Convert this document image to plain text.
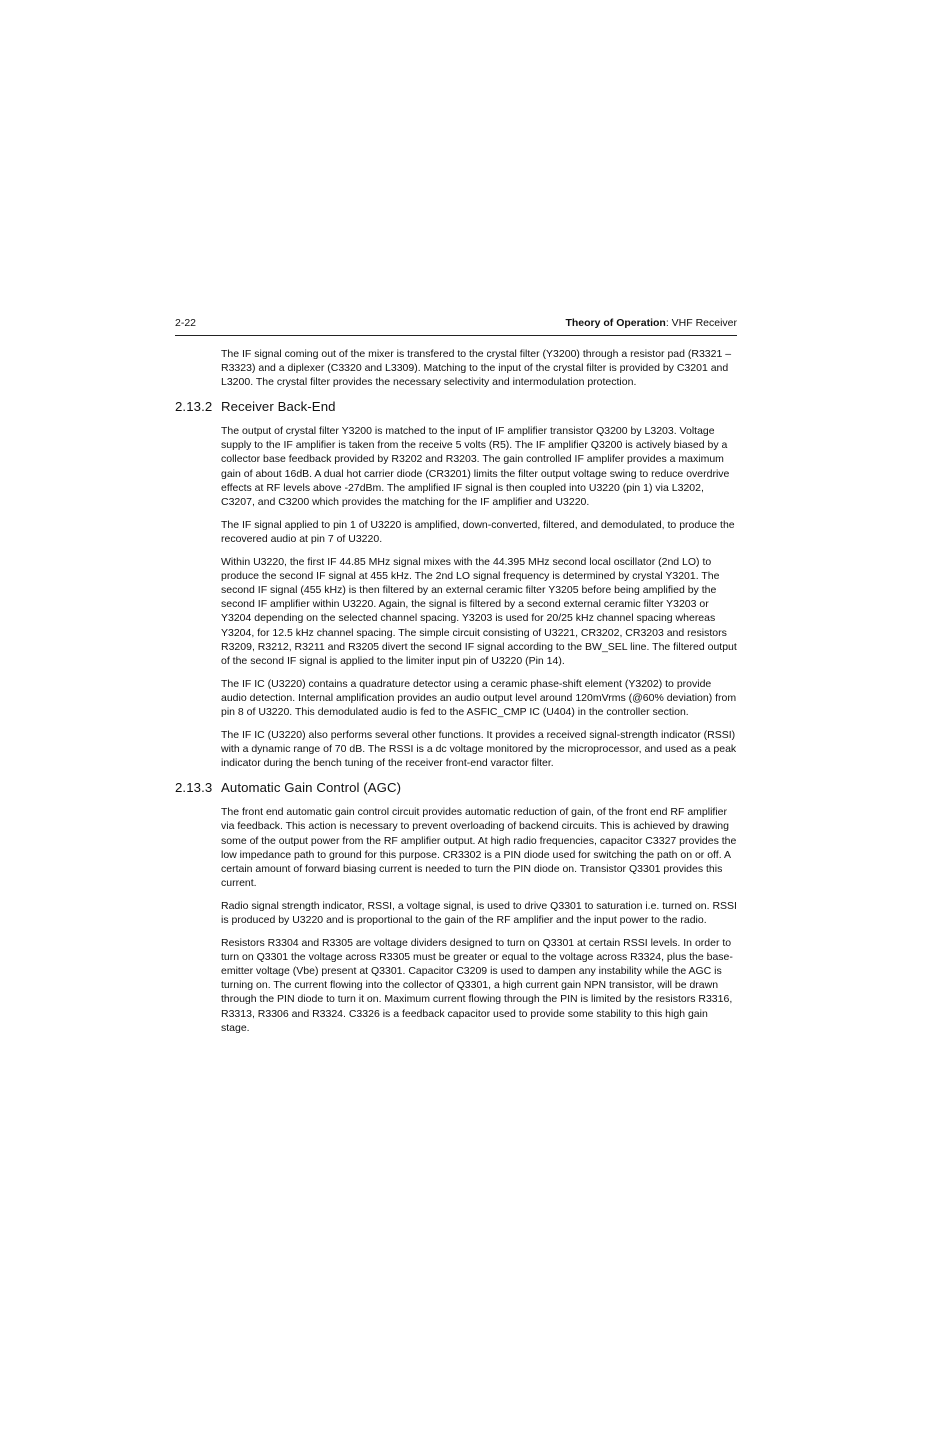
2-22	Theory of Operation: VHF Receiver

The IF signal coming out of the mixer is transfered to the crystal filter (Y3200) through a resistor pad (R3321 – R3323) and a diplexer (C3320 and L3309). Matching to the input of the crystal filter is provided by C3201 and L3200. The crystal filter provides the necessary selectivity and intermodulation protection.

2.13.2 Receiver Back-End

The output of crystal filter Y3200 is matched to the input of IF amplifier transistor Q3200 by L3203. Voltage supply to the IF amplifier is taken from the receive 5 volts (R5). The IF amplifier Q3200 is actively biased by a collector base feedback provided by R3202 and R3203. The gain controlled IF amplifer provides a maximum gain of about 16dB. A dual hot carrier diode (CR3201) limits the filter output voltage swing to reduce overdrive effects at RF levels above -27dBm. The amplified IF signal is then coupled into U3220 (pin 1) via L3202, C3207, and C3200 which provides the matching for the IF amplifier and U3220.

The IF signal applied to pin 1 of U3220 is amplified, down-converted, filtered, and demodulated, to produce the recovered audio at pin 7 of U3220.

Within U3220, the first IF 44.85 MHz signal mixes with the 44.395 MHz second local oscillator (2nd LO) to produce the second IF signal at 455 kHz. The 2nd LO signal frequency is determined by crystal Y3201. The second IF signal (455 kHz) is then filtered by an external ceramic filter Y3205 before being amplified by the second IF amplifier within U3220. Again, the signal is filtered by a second external ceramic filter Y3203 or Y3204 depending on the selected channel spacing. Y3203 is used for 20/25 kHz channel spacing whereas Y3204, for 12.5 kHz channel spacing. The simple circuit consisting of U3221, CR3202, CR3203 and resistors R3209, R3212, R3211 and R3205 divert the second IF signal according to the BW_SEL line. The filtered output of the second IF signal is applied to the limiter input pin of U3220 (Pin 14).

The IF IC (U3220) contains a quadrature detector using a ceramic phase-shift element (Y3202) to provide audio detection. Internal amplification provides an audio output level around 120mVrms (@60% deviation) from pin 8 of U3220. This demodulated audio is fed to the ASFIC_CMP IC (U404) in the controller section.

The IF IC (U3220) also performs several other functions. It provides a received signal-strength indicator (RSSI) with a dynamic range of 70 dB. The RSSI is a dc voltage monitored by the microprocessor, and used as a peak indicator during the bench tuning of the receiver front-end varactor filter.

2.13.3 Automatic Gain Control (AGC)

The front end automatic gain control circuit provides automatic reduction of gain, of the front end RF amplifier via feedback. This action is necessary to prevent overloading of backend circuits. This is achieved by drawing some of the output power from the RF amplifier output. At high radio frequencies, capacitor C3327 provides the low impedance path to ground for this purpose. CR3302 is a PIN diode used for switching the path on or off. A certain amount of forward biasing current is needed to turn the PIN diode on. Transistor Q3301 provides this current.

Radio signal strength indicator, RSSI, a voltage signal, is used to drive Q3301 to saturation i.e. turned on. RSSI is produced by U3220 and is proportional to the gain of the RF amplifier and the input power to the radio.

Resistors R3304 and R3305 are voltage dividers designed to turn on Q3301 at certain RSSI levels. In order to turn on Q3301 the voltage across R3305 must be greater or equal to the voltage across R3324, plus the base-emitter voltage (Vbe) present at Q3301. Capacitor C3209 is used to dampen any instability while the AGC is turning on. The current flowing into the collector of Q3301, a high current gain NPN transistor, will be drawn through the PIN diode to turn it on. Maximum current flowing through the PIN is limited by the resistors R3316, R3313, R3306 and R3324. C3326 is a feedback capacitor used to provide some stability to this high gain stage.
